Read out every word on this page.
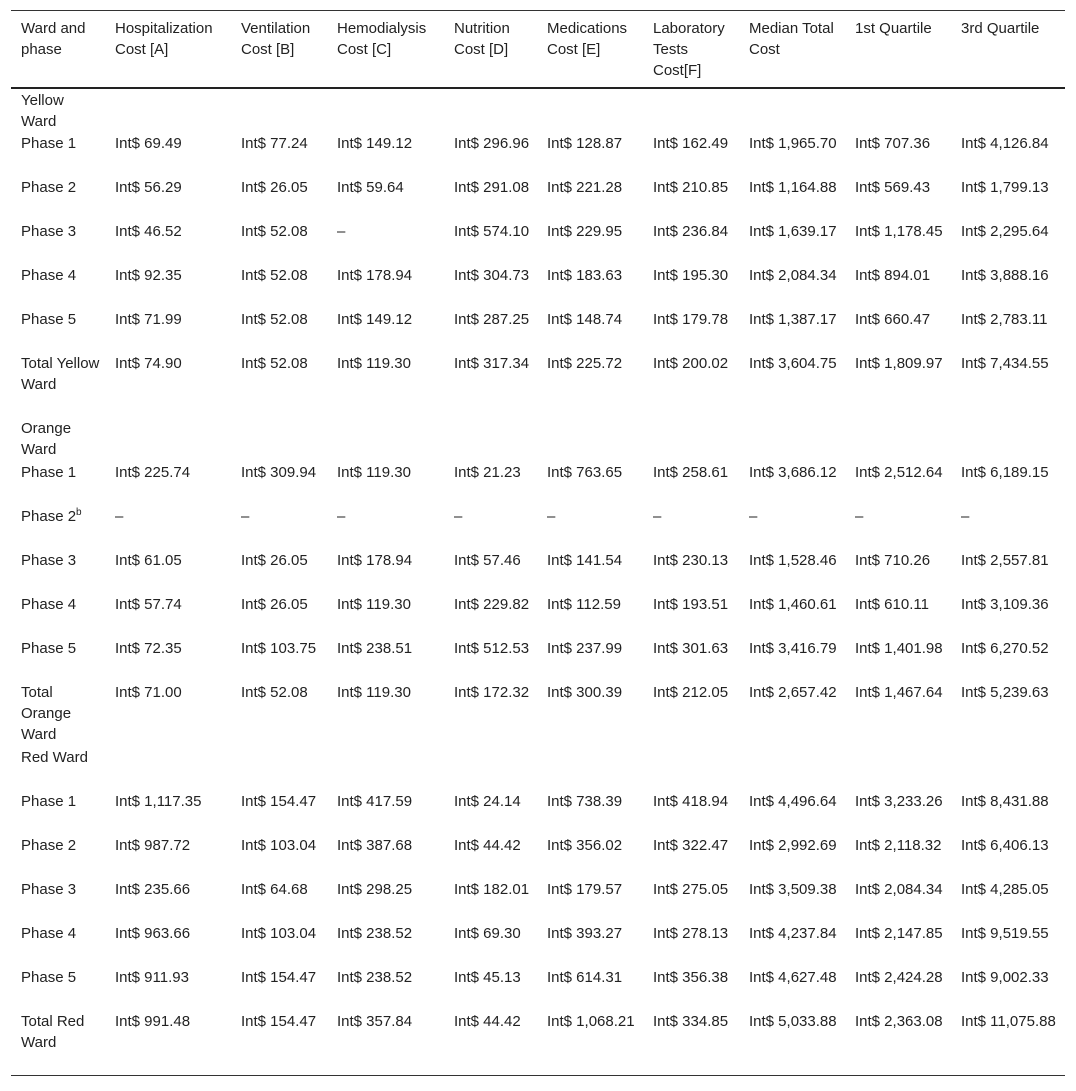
Ward and phase	Hospitalization Cost [A]	Ventilation Cost [B]	Hemodialysis Cost [C]	Nutrition Cost [D]	Medications Cost [E]	Laboratory Tests Cost[F]	Median Total Cost	1st Quartile	3rd Quartile
Yellow Ward									
Phase 1	Int$ 69.49	Int$ 77.24	Int$ 149.12	Int$ 296.96	Int$ 128.87	Int$ 162.49	Int$ 1,965.70	Int$ 707.36	Int$ 4,126.84
Phase 2	Int$ 56.29	Int$ 26.05	Int$ 59.64	Int$ 291.08	Int$ 221.28	Int$ 210.85	Int$ 1,164.88	Int$ 569.43	Int$ 1,799.13
Phase 3	Int$ 46.52	Int$ 52.08	–	Int$ 574.10	Int$ 229.95	Int$ 236.84	Int$ 1,639.17	Int$ 1,178.45	Int$ 2,295.64
Phase 4	Int$ 92.35	Int$ 52.08	Int$ 178.94	Int$ 304.73	Int$ 183.63	Int$ 195.30	Int$ 2,084.34	Int$ 894.01	Int$ 3,888.16
Phase 5	Int$ 71.99	Int$ 52.08	Int$ 149.12	Int$ 287.25	Int$ 148.74	Int$ 179.78	Int$ 1,387.17	Int$ 660.47	Int$ 2,783.11
Total Yellow Ward	Int$ 74.90	Int$ 52.08	Int$ 119.30	Int$ 317.34	Int$ 225.72	Int$ 200.02	Int$ 3,604.75	Int$ 1,809.97	Int$ 7,434.55
Orange Ward									
Phase 1	Int$ 225.74	Int$ 309.94	Int$ 119.30	Int$ 21.23	Int$ 763.65	Int$ 258.61	Int$ 3,686.12	Int$ 2,512.64	Int$ 6,189.15
Phase 2$^b$	–	–	–	–	–	–	–	–	–
Phase 3	Int$ 61.05	Int$ 26.05	Int$ 178.94	Int$ 57.46	Int$ 141.54	Int$ 230.13	Int$ 1,528.46	Int$ 710.26	Int$ 2,557.81
Phase 4	Int$ 57.74	Int$ 26.05	Int$ 119.30	Int$ 229.82	Int$ 112.59	Int$ 193.51	Int$ 1,460.61	Int$ 610.11	Int$ 3,109.36
Phase 5	Int$ 72.35	Int$ 103.75	Int$ 238.51	Int$ 512.53	Int$ 237.99	Int$ 301.63	Int$ 3,416.79	Int$ 1,401.98	Int$ 6,270.52
Total Orange Ward	Int$ 71.00	Int$ 52.08	Int$ 119.30	Int$ 172.32	Int$ 300.39	Int$ 212.05	Int$ 2,657.42	Int$ 1,467.64	Int$ 5,239.63
Red Ward									
Phase 1	Int$ 1,117.35	Int$ 154.47	Int$ 417.59	Int$ 24.14	Int$ 738.39	Int$ 418.94	Int$ 4,496.64	Int$ 3,233.26	Int$ 8,431.88
Phase 2	Int$ 987.72	Int$ 103.04	Int$ 387.68	Int$ 44.42	Int$ 356.02	Int$ 322.47	Int$ 2,992.69	Int$ 2,118.32	Int$ 6,406.13
Phase 3	Int$ 235.66	Int$ 64.68	Int$ 298.25	Int$ 182.01	Int$ 179.57	Int$ 275.05	Int$ 3,509.38	Int$ 2,084.34	Int$ 4,285.05
Phase 4	Int$ 963.66	Int$ 103.04	Int$ 238.52	Int$ 69.30	Int$ 393.27	Int$ 278.13	Int$ 4,237.84	Int$ 2,147.85	Int$ 9,519.55
Phase 5	Int$ 911.93	Int$ 154.47	Int$ 238.52	Int$ 45.13	Int$ 614.31	Int$ 356.38	Int$ 4,627.48	Int$ 2,424.28	Int$ 9,002.33
Total Red Ward	Int$ 991.48	Int$ 154.47	Int$ 357.84	Int$ 44.42	Int$ 1,068.21	Int$ 334.85	Int$ 5,033.88	Int$ 2,363.08	Int$ 11,075.88
